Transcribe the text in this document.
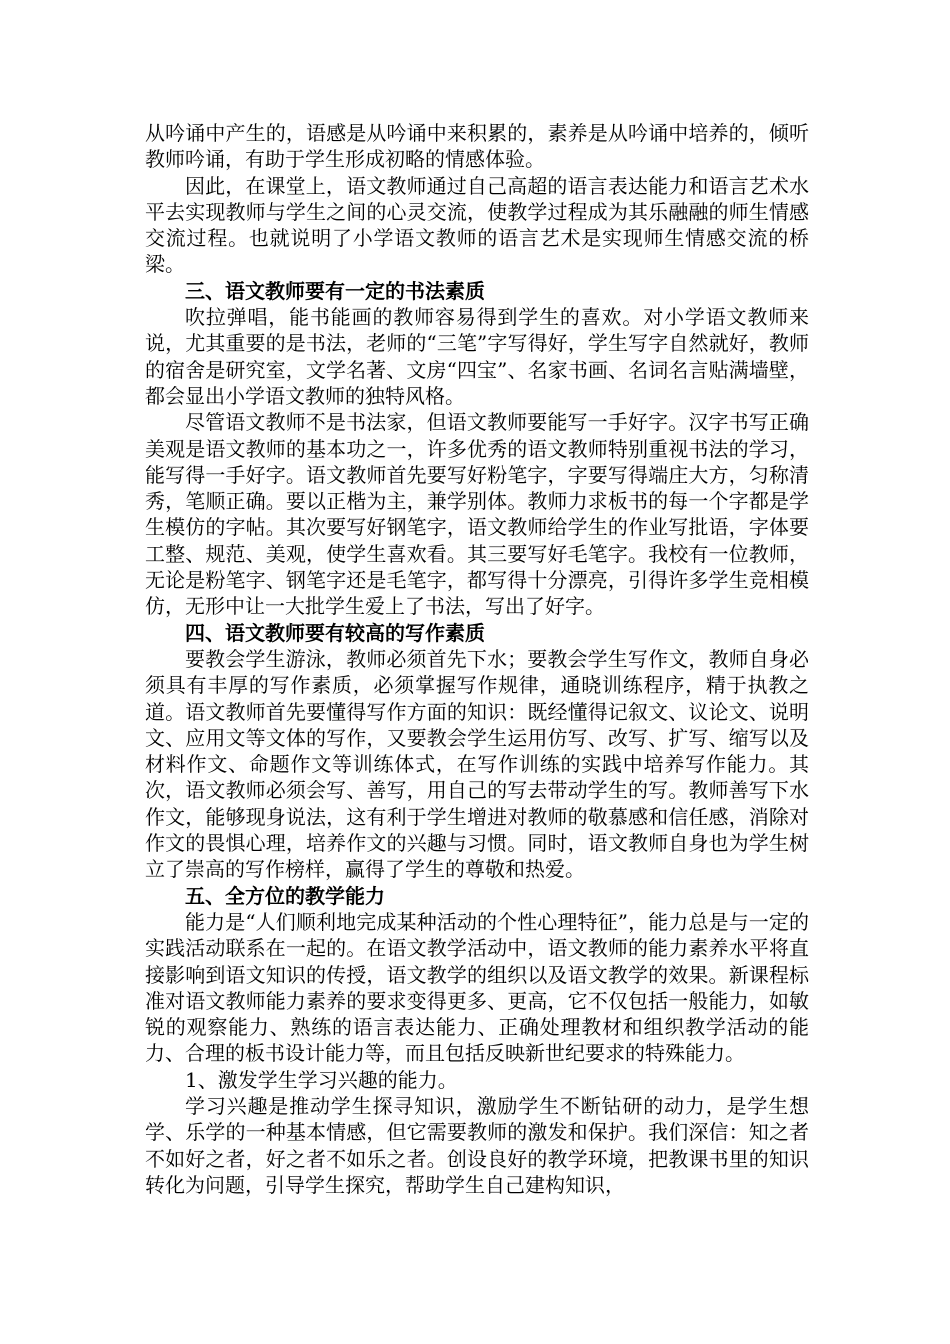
从吟诵中产生的，语感是从吟诵中来积累的，素养是从吟诵中培养的，倾听教师吟诵，有助于学生形成初略的情感体验。

因此，在课堂上，语文教师通过自己高超的语言表达能力和语言艺术水平去实现教师与学生之间的心灵交流，使教学过程成为其乐融融的师生情感交流过程。也就说明了小学语文教师的语言艺术是实现师生情感交流的桥梁。

三、语文教师要有一定的书法素质

吹拉弹唱，能书能画的教师容易得到学生的喜欢。对小学语文教师来说，尤其重要的是书法，老师的“三笔”字写得好，学生写字自然就好，教师的宿舍是研究室，文学名著、文房“四宝”、名家书画、名词名言贴满墙壁，都会显出小学语文教师的独特风格。

尽管语文教师不是书法家，但语文教师要能写一手好字。汉字书写正确美观是语文教师的基本功之一，许多优秀的语文教师特别重视书法的学习，能写得一手好字。语文教师首先要写好粉笔字，字要写得端庄大方，匀称清秀，笔顺正确。要以正楷为主，兼学别体。教师力求板书的每一个字都是学生模仿的字帖。其次要写好钢笔字，语文教师给学生的作业写批语，字体要工整、规范、美观，使学生喜欢看。其三要写好毛笔字。我校有一位教师，无论是粉笔字、钢笔字还是毛笔字，都写得十分漂亮，引得许多学生竞相模仿，无形中让一大批学生爱上了书法，写出了好字。

四、语文教师要有较高的写作素质

要教会学生游泳，教师必须首先下水；要教会学生写作文，教师自身必须具有丰厚的写作素质，必须掌握写作规律，通晓训练程序，精于执教之道。语文教师首先要懂得写作方面的知识：既经懂得记叙文、议论文、说明文、应用文等文体的写作，又要教会学生运用仿写、改写、扩写、缩写以及材料作文、命题作文等训练体式，在写作训练的实践中培养写作能力。其次，语文教师必须会写、善写，用自己的写去带动学生的写。教师善写下水作文，能够现身说法，这有利于学生增进对教师的敬慕感和信任感，消除对作文的畏惧心理，培养作文的兴趣与习惯。同时，语文教师自身也为学生树立了崇高的写作榜样，赢得了学生的尊敬和热爱。

五、全方位的教学能力

能力是“人们顺利地完成某种活动的个性心理特征”，能力总是与一定的实践活动联系在一起的。在语文教学活动中，语文教师的能力素养水平将直接影响到语文知识的传授，语文教学的组织以及语文教学的效果。新课程标准对语文教师能力素养的要求变得更多、更高，它不仅包括一般能力，如敏锐的观察能力、熟练的语言表达能力、正确处理教材和组织教学活动的能力、合理的板书设计能力等，而且包括反映新世纪要求的特殊能力。

1、激发学生学习兴趣的能力。

学习兴趣是推动学生探寻知识，激励学生不断钻研的动力，是学生想学、乐学的一种基本情感，但它需要教师的激发和保护。我们深信：知之者不如好之者，好之者不如乐之者。创设良好的教学环境，把教课书里的知识转化为问题，引导学生探究，帮助学生自己建构知识，
